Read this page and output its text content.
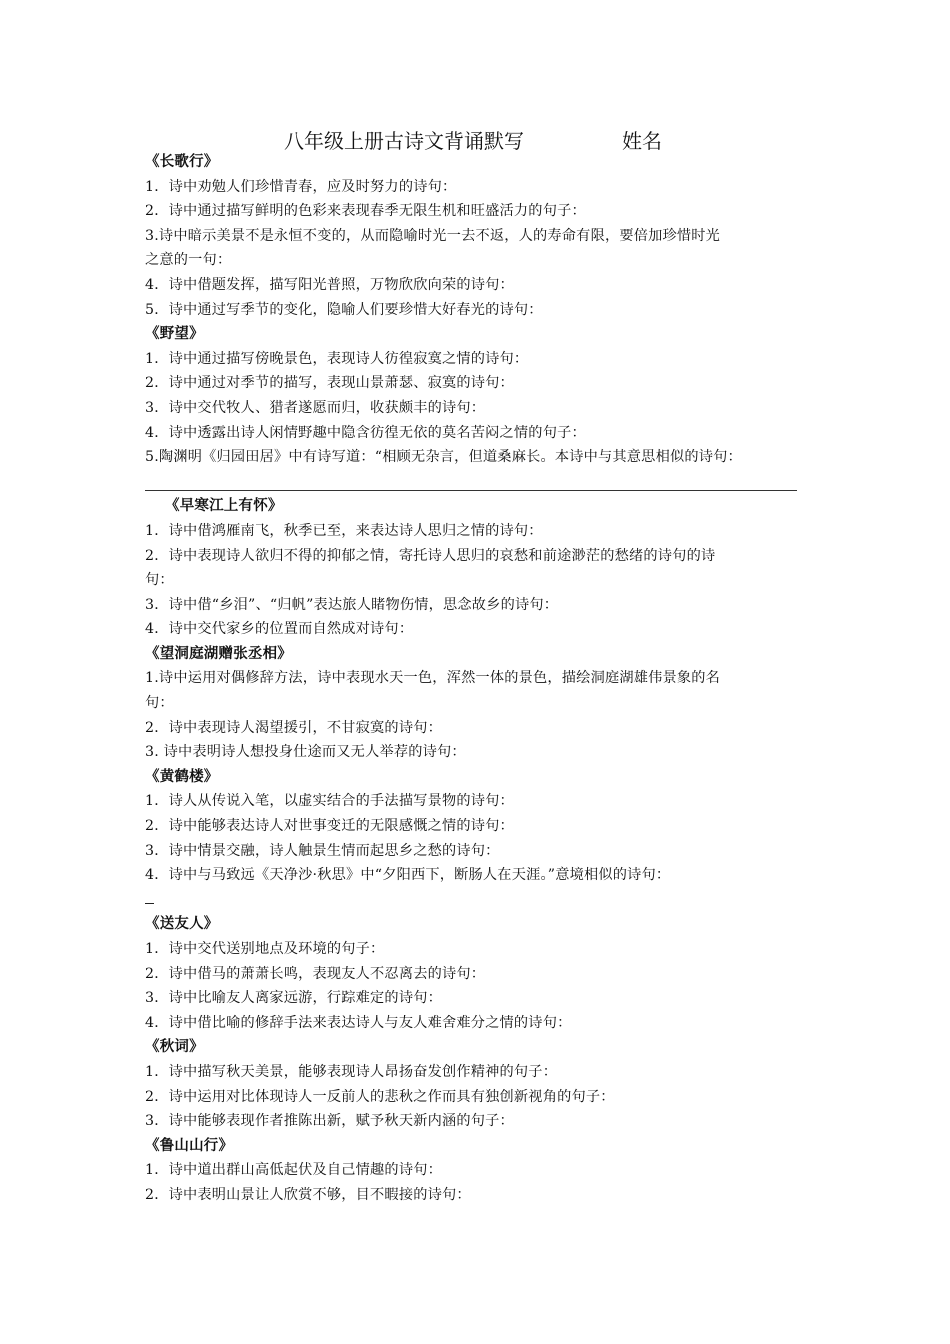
八年级上册古诗文背诵默写	姓名
《长歌行》
1．诗中劝勉人们珍惜青春，应及时努力的诗句：
2．诗中通过描写鲜明的色彩来表现春季无限生机和旺盛活力的句子：
3.诗中暗示美景不是永恒不变的，从而隐喻时光一去不返，人的寿命有限，要倍加珍惜时光
之意的一句：
4．诗中借题发挥，描写阳光普照，万物欣欣向荣的诗句：
5．诗中通过写季节的变化，隐喻人们要珍惜大好春光的诗句：
《野望》
1．诗中通过描写傍晚景色，表现诗人彷徨寂寞之情的诗句：
2．诗中通过对季节的描写，表现山景萧瑟、寂寞的诗句：
3．诗中交代牧人、猎者遂愿而归，收获颇丰的诗句：
4．诗中透露出诗人闲情野趣中隐含彷徨无依的莫名苦闷之情的句子：
5.陶渊明《归园田居》中有诗写道：“相顾无杂言，但道桑麻长。本诗中与其意思相似的诗句：
《早寒江上有怀》
1．诗中借鸿雁南飞，秋季已至，来表达诗人思归之情的诗句：
2．诗中表现诗人欲归不得的抑郁之情，寄托诗人思归的哀愁和前途渺茫的愁绪的诗句的诗
句：
3．诗中借“乡泪”、“归帆”表达旅人睹物伤情，思念故乡的诗句：
4．诗中交代家乡的位置而自然成对诗句：
《望洞庭湖赠张丞相》
1.诗中运用对偶修辞方法，诗中表现水天一色，浑然一体的景色，描绘洞庭湖雄伟景象的名
句：
2．诗中表现诗人渴望援引，不甘寂寞的诗句：
3. 诗中表明诗人想投身仕途而又无人举荐的诗句：
《黄鹤楼》
1．诗人从传说入笔，以虚实结合的手法描写景物的诗句：
2．诗中能够表达诗人对世事变迁的无限感慨之情的诗句：
3．诗中情景交融，诗人触景生情而起思乡之愁的诗句：
4．诗中与马致远《天净沙·秋思》中“夕阳西下，断肠人在天涯。”意境相似的诗句：
《送友人》
1．诗中交代送别地点及环境的句子：
2．诗中借马的萧萧长鸣，表现友人不忍离去的诗句：
3．诗中比喻友人离家远游，行踪难定的诗句：
4．诗中借比喻的修辞手法来表达诗人与友人难舍难分之情的诗句：
《秋词》
1．诗中描写秋天美景，能够表现诗人昂扬奋发创作精神的句子：
2．诗中运用对比体现诗人一反前人的悲秋之作而具有独创新视角的句子：
3．诗中能够表现作者推陈出新，赋予秋天新内涵的句子：
《鲁山山行》
1．诗中道出群山高低起伏及自己情趣的诗句：
2．诗中表明山景让人欣赏不够，目不暇接的诗句：
